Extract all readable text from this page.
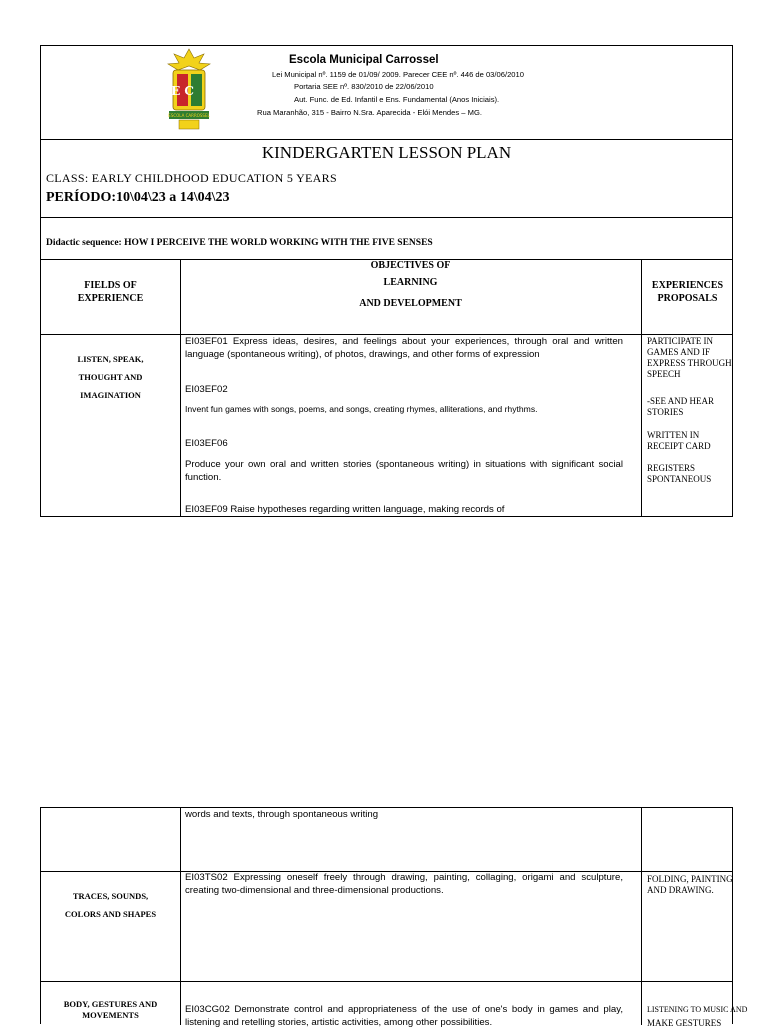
E C
ESCOLA CARROSSEL
Escola Municipal Carrossel
Lei Municipal nº. 1159 de 01/09/ 2009. Parecer CEE nº. 446 de 03/06/2010
Portaria SEE nº. 830/2010 de 22/06/2010
Aut. Func. de Ed. Infantil e Ens. Fundamental (Anos Iniciais).
Rua Maranhão, 315 - Bairro N.Sra. Aparecida - Elói Mendes – MG.
KINDERGARTEN LESSON PLAN
CLASS: EARLY CHILDHOOD EDUCATION 5 YEARS
PERÍODO:10\04\23 a 14\04\23
Didactic sequence: HOW I PERCEIVE THE WORLD WORKING WITH THE FIVE SENSES
FIELDS OF
EXPERIENCE
OBJECTIVES OF
LEARNING
AND DEVELOPMENT
EXPERIENCES
PROPOSALS
LISTEN, SPEAK,
THOUGHT AND
IMAGINATION
EI03EF01 Express ideas, desires, and feelings about your experiences, through oral and written language (spontaneous writing), of photos, drawings, and other forms of expression
EI03EF02
Invent fun games with songs, poems, and songs, creating rhymes, alliterations, and rhythms.
EI03EF06
Produce your own oral and written stories (spontaneous writing) in situations with significant social function.
EI03EF09 Raise hypotheses regarding written language, making records of
PARTICIPATE IN GAMES AND IF EXPRESS THROUGH SPEECH
-SEE AND HEAR STORIES
WRITTEN IN RECEIPT CARD
REGISTERS SPONTANEOUS
words and texts, through spontaneous writing
TRACES, SOUNDS,
COLORS AND SHAPES
EI03TS02 Expressing oneself freely through drawing, painting, collaging, origami and sculpture, creating two-dimensional and three-dimensional productions.
FOLDING, PAINTING AND DRAWING.
BODY, GESTURES AND
MOVEMENTS	EI03CG02 Demonstrate control and appropriateness of the use of one's body in games and play, listening and retelling stories, artistic activities, among other possibilities.
LISTENING TO MUSIC AND
MAKE GESTURES
